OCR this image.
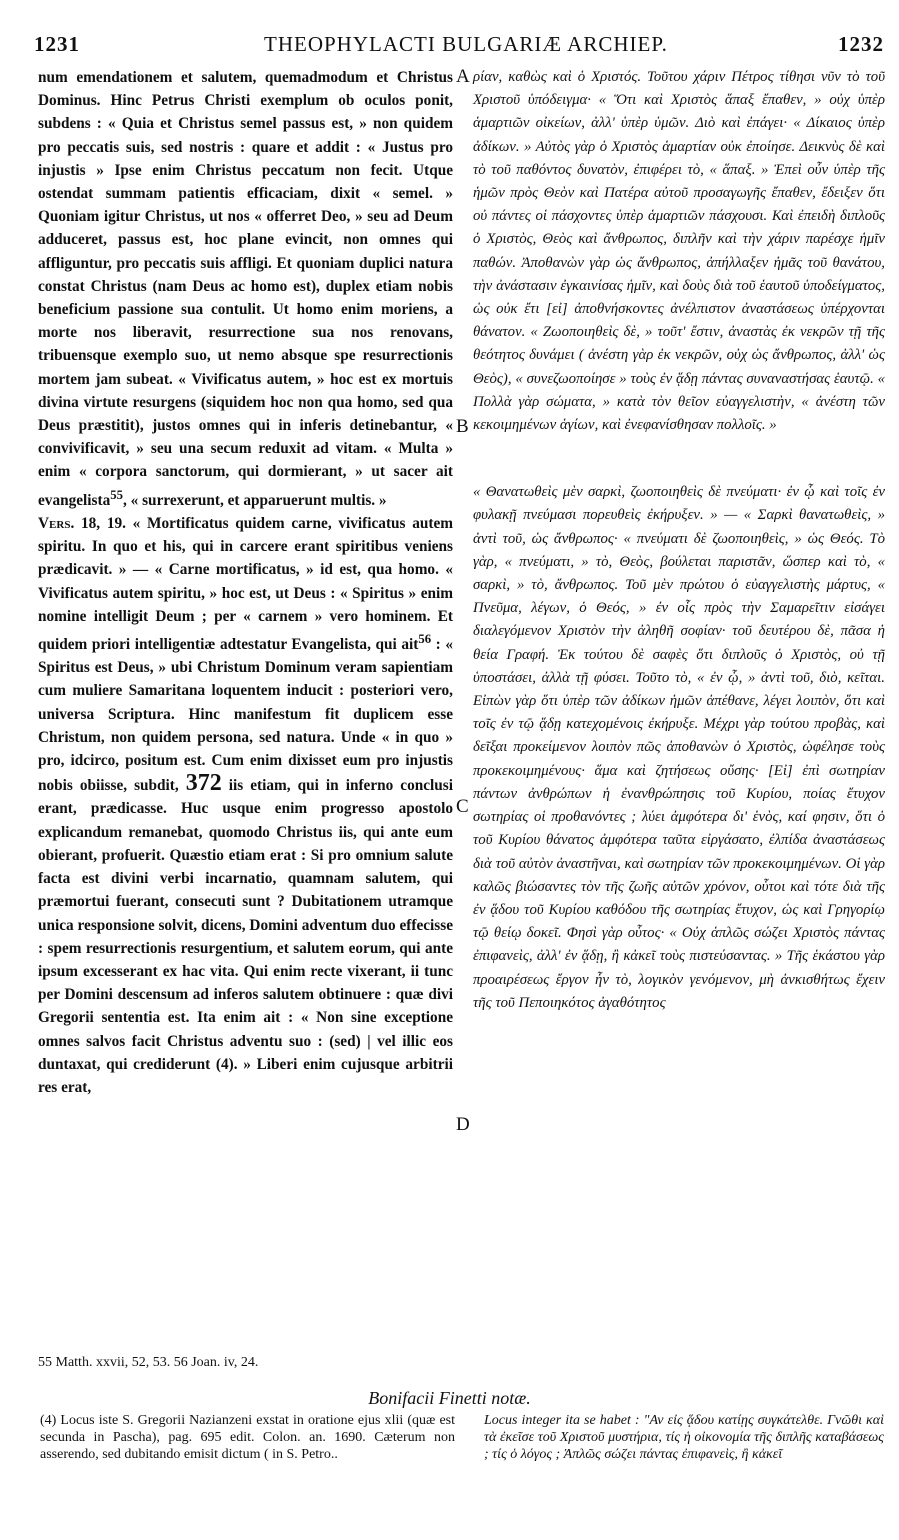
1231	THEOPHYLACTI BULGARIÆ ARCHIEP.	1232
A
B
C
D

num emendationem et salutem, quemadmodum et Christus Dominus. Hinc Petrus Christi exemplum ob oculos ponit, subdens : « Quia et Christus semel passus est, » non quidem pro peccatis suis, sed nostris : quare et addit : « Justus pro injustis » Ipse enim Christus peccatum non fecit. Utque ostendat summam patientis efficaciam, dixit « semel. » Quoniam igitur Christus, ut nos « offerret Deo, » seu ad Deum adduceret, passus est, hoc plane evincit, non omnes qui affliguntur, pro peccatis suis affligi. Et quoniam duplici natura constat Christus (nam Deus ac homo est), duplex etiam nobis beneficium passione sua contulit. Ut homo enim moriens, a morte nos liberavit, resurrectione sua nos renovans, tribuensque exemplo suo, ut nemo absque spe resurrectionis mortem jam subeat. « Vivificatus autem, » hoc est ex mortuis divina virtute resurgens (siquidem hoc non qua homo, sed qua Deus præstitit), justos omnes qui in inferis detinebantur, « convivificavit, » seu una secum reduxit ad vitam. « Multa » enim « corpora sanctorum, qui dormierant, » ut sacer ait evangelista$^{55}$, « surrexerunt, et apparuerunt multis. »

Vers. 18, 19. « Mortificatus quidem carne, vivificatus autem spiritu. In quo et his, qui in carcere erant spiritibus veniens prædicavit. » — « Carne mortificatus, » id est, qua homo. « Vivificatus autem spiritu, » hoc est, ut Deus : « Spiritus » enim nomine intelligit Deum ; per « carnem » vero hominem. Et quidem priori intelligentiæ adtestatur Evangelista, qui ait$^{56}$ : « Spiritus est Deus, » ubi Christum Dominum veram sapientiam cum muliere Samaritana loquentem inducit : posteriori vero, universa Scriptura. Hinc manifestum fit duplicem esse Christum, non quidem persona, sed natura. Unde « in quo » pro, idcirco, positum est. Cum enim dixisset eum pro injustis nobis obiisse, subdit, 372 iis etiam, qui in inferno conclusi erant, prædicasse. Huc usque enim progresso apostolo explicandum remanebat, quomodo Christus iis, qui ante eum obierant, profuerit. Quæstio etiam erat : Si pro omnium salute facta est divini verbi incarnatio, quamnam salutem, qui præmortui fuerant, consecuti sunt ? Dubitationem utramque unica responsione solvit, dicens, Domini adventum duo effecisse : spem resurrectionis resurgentium, et salutem eorum, qui ante ipsum excesserant ex hac vita. Qui enim recte vixerant, ii tunc per Domini descensum ad inferos salutem obtinuere : quæ divi Gregorii sententia est. Ita enim ait : « Non sine exceptione omnes salvos facit Christus adventu suo : (sed) | vel illic eos duntaxat, qui crediderunt (4). » Liberi enim cujusque arbitrii res erat,

ρίαν, καθὼς καὶ ὁ Χριστός. Τοῦτου χάριν Πέτρος τίθησι νῦν τὸ τοῦ Χριστοῦ ὑπόδειγμα· « Ὅτι καὶ Χριστὸς ἅπαξ ἔπαθεν, » οὐχ ὑπὲρ ἁμαρτιῶν οἰκείων, ἀλλ' ὑπὲρ ὑμῶν. Διὸ καὶ ἐπάγει· « Δίκαιος ὑπὲρ ἀδίκων. » Αὐτὸς γὰρ ὁ Χριστὸς ἁμαρτίαν οὐκ ἐποίησε. Δεικνὺς δὲ καὶ τὸ τοῦ παθόντος δυνατὸν, ἐπιφέρει τὸ, « ἅπαξ. » Ἐπεὶ οὖν ὑπὲρ τῆς ἡμῶν πρὸς Θεὸν καὶ Πατέρα αὐτοῦ προσαγωγῆς ἔπαθεν, ἔδειξεν ὅτι οὐ πάντες οἱ πάσχοντες ὑπὲρ ἁμαρτιῶν πάσχουσι. Καὶ ἐπειδὴ διπλοῦς ὁ Χριστὸς, Θεὸς καὶ ἄνθρωπος, διπλῆν καὶ τὴν χάριν παρέσχε ἡμῖν παθών. Ἀποθανὼν γὰρ ὡς ἄνθρωπος, ἀπήλλαξεν ἡμᾶς τοῦ θανάτου, τὴν ἀνάστασιν ἐγκαινίσας ἡμῖν, καὶ δοὺς διὰ τοῦ ἑαυτοῦ ὑποδείγματος, ὡς οὐκ ἔτι [εἰ] ἀποθνήσκοντες ἀνέλπιστον ἀναστάσεως ὑπέρχονται θάνατον. « Ζωοποιηθεὶς δὲ, » τοῦτ' ἔστιν, ἀναστὰς ἐκ νεκρῶν τῇ τῆς θεότητος δυνάμει ( ἀνέστη γὰρ ἐκ νεκρῶν, οὐχ ὡς ἄνθρωπος, ἀλλ' ὡς Θεὸς), « συνεζωοποίησε » τοὺς ἐν ᾅδῃ πάντας συναναστήσας ἑαυτῷ. « Πολλὰ γὰρ σώματα, » κατὰ τὸν θεῖον εὐαγγελιστὴν, « ἀνέστη τῶν κεκοιμημένων ἁγίων, καὶ ἐνεφανίσθησαν πολλοῖς. »

« Θανατωθεὶς μὲν σαρκὶ, ζωοποιηθεὶς δὲ πνεύματι· ἐν ᾧ καὶ τοῖς ἐν φυλακῇ πνεύμασι πορευθεὶς ἐκήρυξεν. » — « Σαρκὶ θανατωθεὶς, » ἀντὶ τοῦ, ὡς ἄνθρωπος· « πνεύματι δὲ ζωοποιηθεὶς, » ὡς Θεός. Τὸ γὰρ, « πνεύματι, » τὸ, Θεὸς, βούλεται παριστᾶν, ὥσπερ καὶ τὸ, « σαρκὶ, » τὸ, ἄνθρωπος. Τοῦ μὲν πρώτου ὁ εὐαγγελιστὴς μάρτυς, « Πνεῦμα, λέγων, ὁ Θεός, » ἐν οἷς πρὸς τὴν Σαμαρεῖτιν εἰσάγει διαλεγόμενον Χριστὸν τὴν ἀληθῆ σοφίαν· τοῦ δευτέρου δὲ, πᾶσα ἡ θεία Γραφή. Ἐκ τούτου δὲ σαφὲς ὅτι διπλοῦς ὁ Χριστὸς, οὐ τῇ ὑποστάσει, ἀλλὰ τῇ φύσει. Τοῦτο τὸ, « ἐν ᾧ, » ἀντὶ τοῦ, διὸ, κεῖται. Εἰπὼν γὰρ ὅτι ὑπὲρ τῶν ἀδίκων ἡμῶν ἀπέθανε, λέγει λοιπὸν, ὅτι καὶ τοῖς ἐν τῷ ᾅδῃ κατεχομένοις ἐκήρυξε. Μέχρι γὰρ τούτου προβὰς, καὶ δεῖξαι προκείμενον λοιπὸν πῶς ἀποθανὼν ὁ Χριστὸς, ὠφέλησε τοὺς προκεκοιμημένους· ἅμα καὶ ζητήσεως οὔσης· [Εἰ] ἐπὶ σωτηρίαν πάντων ἀνθρώπων ἡ ἐνανθρώπησις τοῦ Κυρίου, ποίας ἔτυχον σωτηρίας οἱ προθανόντες ; λύει ἀμφότερα δι' ἑνὸς, καί φησιν, ὅτι ὁ τοῦ Κυρίου θάνατος ἀμφότερα ταῦτα εἰργάσατο, ἐλπίδα ἀναστάσεως διὰ τοῦ αὐτὸν ἀναστῆναι, καὶ σωτηρίαν τῶν προκεκοιμημένων. Οἱ γὰρ καλῶς βιώσαντες τὸν τῆς ζωῆς αὐτῶν χρόνον, οὗτοι καὶ τότε διὰ τῆς ἐν ᾅδου τοῦ Κυρίου καθόδου τῆς σωτηρίας ἔτυχον, ὡς καὶ Γρηγορίῳ τῷ θείῳ δοκεῖ. Φησὶ γὰρ οὗτος· « Οὐχ ἁπλῶς σώζει Χριστὸς πάντας ἐπιφανεὶς, ἀλλ' ἐν ᾅδῃ, ἢ κἀκεῖ τοὺς πιστεύσαντας. » Τῆς ἑκάστου γὰρ προαιρέσεως ἔργον ἦν τὸ, λογικὸν γενόμενον, μὴ ἀνκισθήτως ἔχειν τῆς τοῦ Πεποιηκότος ἀγαθότητος

55 Matth. xxvii, 52, 53. 56 Joan. iv, 24.
Bonifacii Finetti notæ.
(4) Locus iste S. Gregorii Nazianzeni exstat in oratione ejus xlii (quæ est secunda in Pascha), pag. 695 edit. Colon. an. 1690. Cæterum non asserendo, sed dubitando emisit dictum ( in S. Petro..
Locus integer ita se habet : "Αν εἰς ᾅδου κατίῃς συγκάτελθε. Γνῶθι καὶ τὰ ἐκεῖσε τοῦ Χριστοῦ μυστήρια, τίς ἡ οἰκονομία τῆς διπλῆς καταβάσεως ; τίς ὁ λόγος ; Ἁπλῶς σώζει πάντας ἐπιφανεὶς, ἢ κἀκεῖ
